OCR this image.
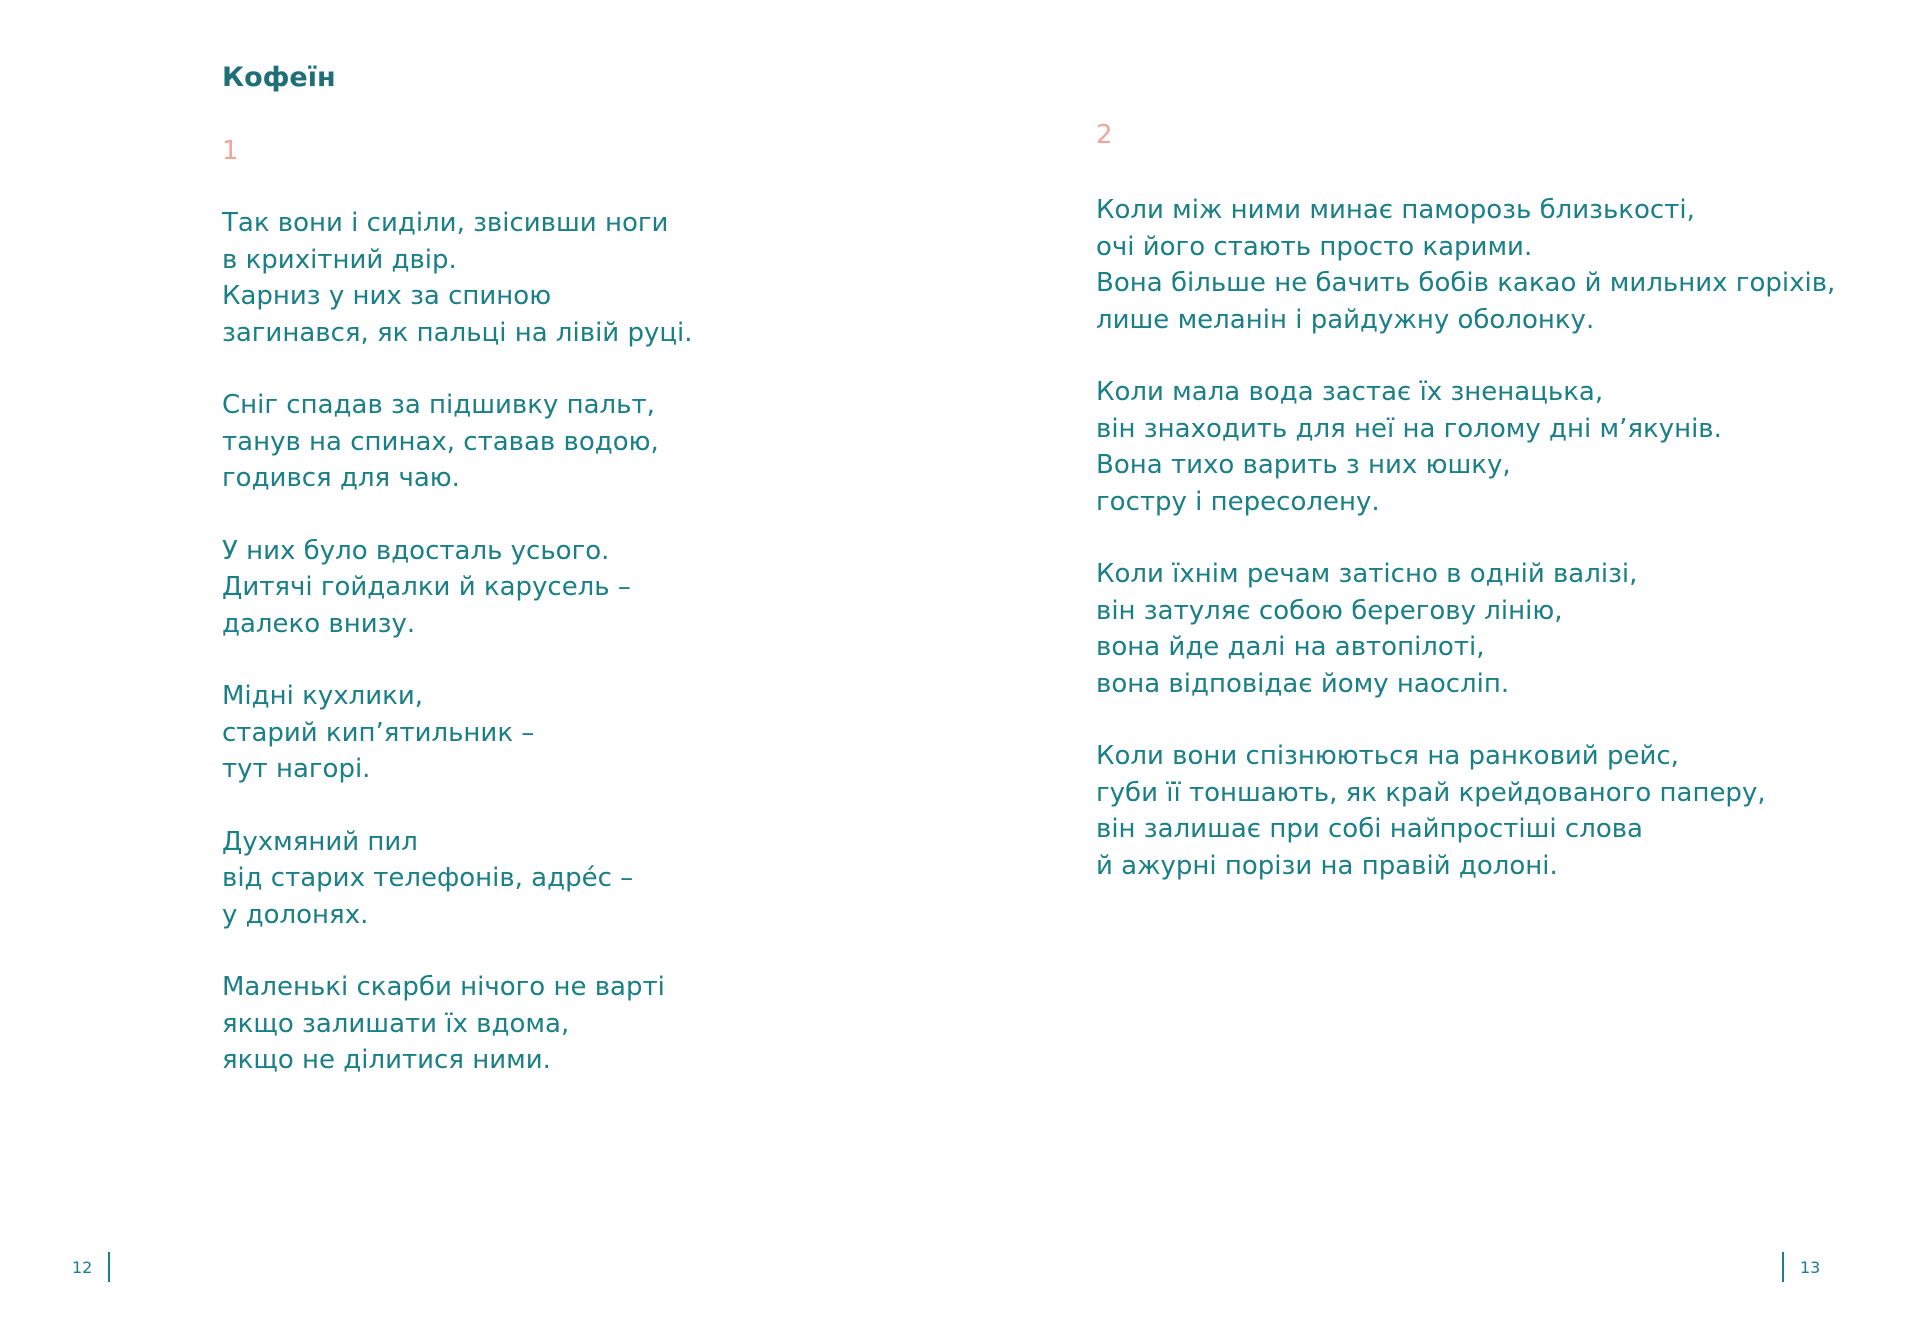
Кофеїн
1

Так вони і сиділи, звісивши ноги
в крихітний двір.
Карниз у них за спиною
загинався, як пальці на лівій руці.

Сніг спадав за підшивку пальт,
танув на спинах, ставав водою,
годився для чаю.

У них було вдосталь усього.
Дитячі гойдалки й карусель –
далеко внизу.

Мідні кухлики,
старий кип’ятильник –
тут нагорі.

Духмяний пил
від старих телефонів, адре́с –
у долонях.

Маленькі скарби нічого не варті
якщо залишати їх вдома,
якщо не ділитися ними.

12
2

Коли між ними минає паморозь близькості,
очі його стають просто карими.
Вона більше не бачить бобів какао й мильних горіхів,
лише меланін і райдужну оболонку.

Коли мала вода застає їх зненацька,
він знаходить для неї на голому дні м’якунів.
Вона тихо варить з них юшку,
гостру і пересолену.

Коли їхнім речам затісно в одній валізі,
він затуляє собою берегову лінію,
вона йде далі на автопілоті,
вона відповідає йому наосліп.

Коли вони спізнюються на ранковий рейс,
губи її тоншають, як край крейдованого паперу,
він залишає при собі найпростіші слова
й ажурні порізи на правій долоні.

13
